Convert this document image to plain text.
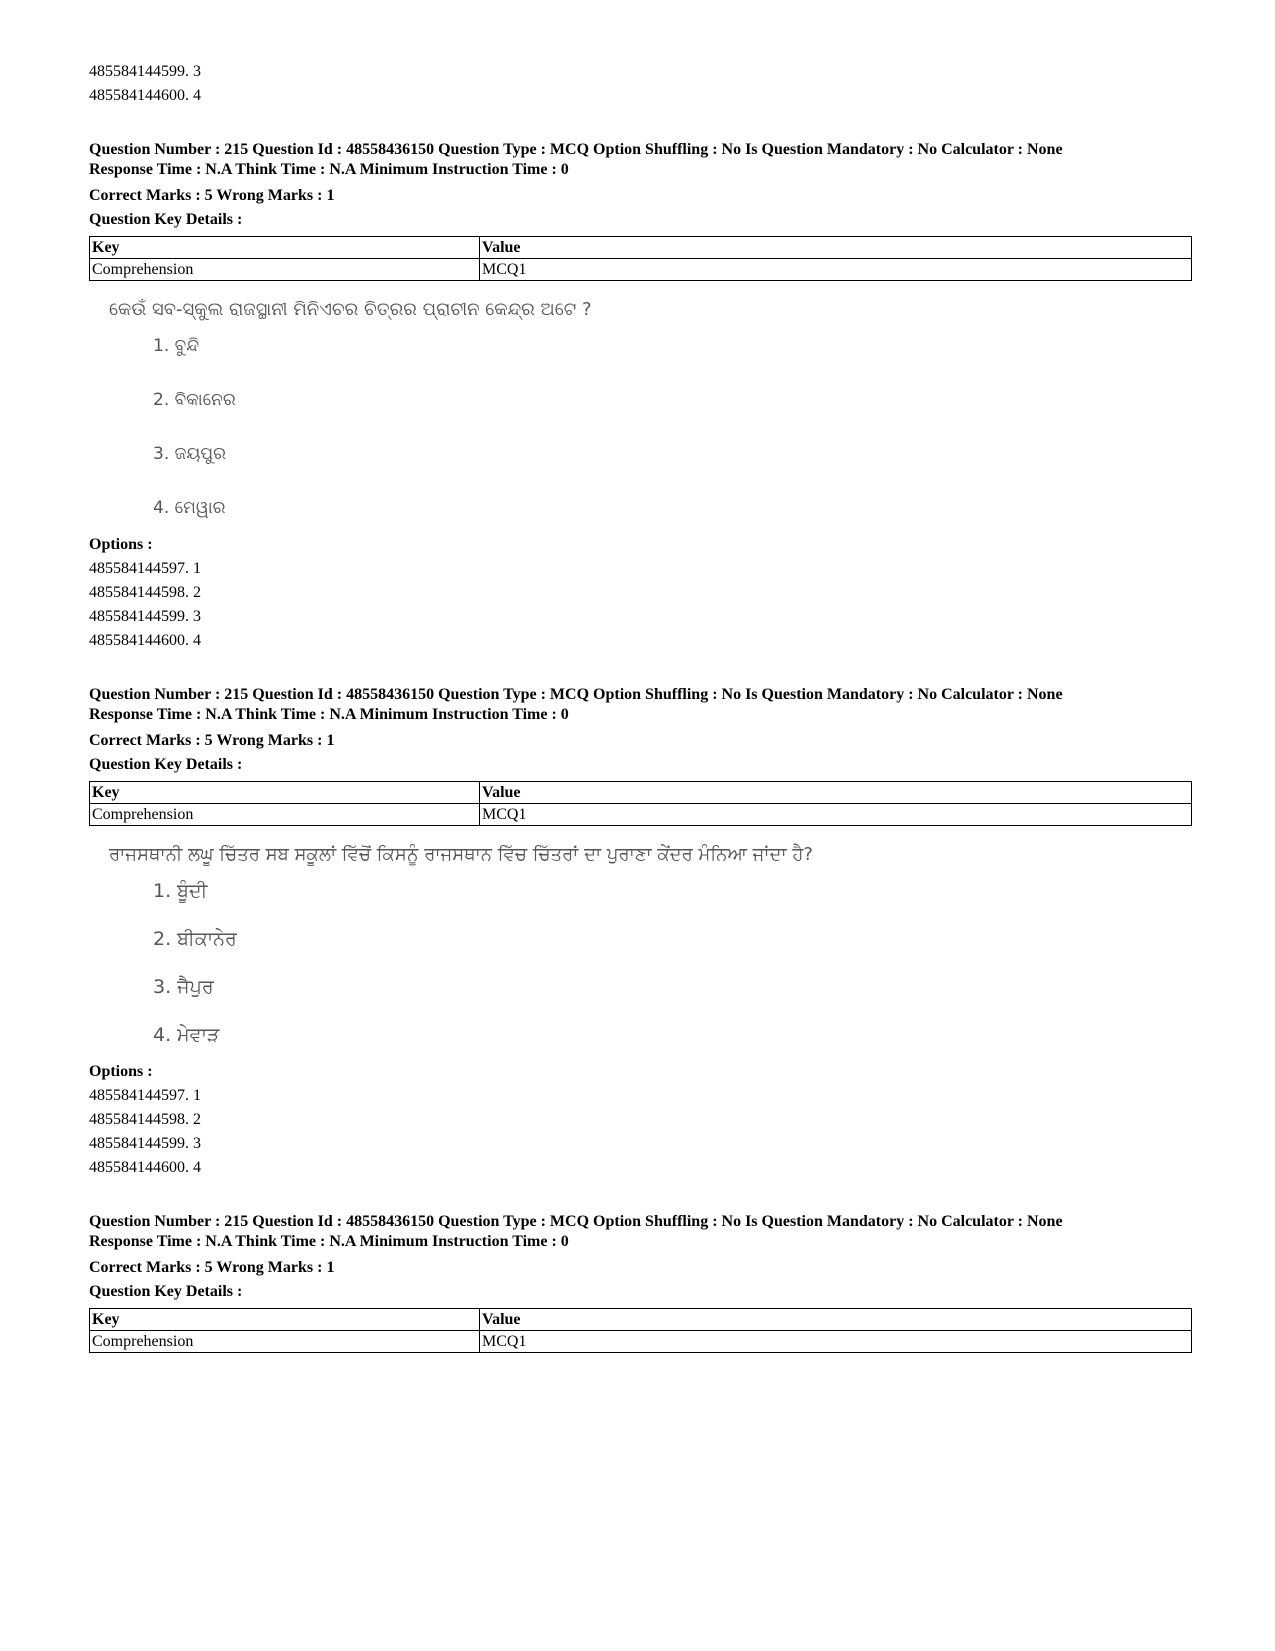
485584144599. 3
485584144600. 4
Question Number : 215 Question Id : 48558436150 Question Type : MCQ Option Shuffling : No Is Question Mandatory : No Calculator : None
Response Time : N.A Think Time : N.A Minimum Instruction Time : 0
Correct Marks : 5 Wrong Marks : 1
Question Key Details :
Key	Value
Comprehension	MCQ1
କେଉଁ ସବ-ସ୍କୁଲ ରାଜସ୍ଥାନୀ ମିନିଏଚର ଚିତ୍ରର ପ୍ରାଚୀନ କେନ୍ଦ୍ର ଅଟେ ?
1. ବୁନ୍ଦି
2. ବିକାନେର
3. ଜୟପୁର
4. ମେୱାର
Options :
485584144597. 1
485584144598. 2
485584144599. 3
485584144600. 4
Question Number : 215 Question Id : 48558436150 Question Type : MCQ Option Shuffling : No Is Question Mandatory : No Calculator : None
Response Time : N.A Think Time : N.A Minimum Instruction Time : 0
Correct Marks : 5 Wrong Marks : 1
Question Key Details :
Key	Value
Comprehension	MCQ1
ਰਾਜਸਥਾਨੀ ਲਘੂ ਚਿੱਤਰ ਸਬ ਸਕੂਲਾਂ ਵਿੱਚੋਂ ਕਿਸਨੂੰ ਰਾਜਸਥਾਨ ਵਿੱਚ ਚਿੱਤਰਾਂ ਦਾ ਪੁਰਾਣਾ ਕੇਂਦਰ ਮੰਨਿਆ ਜਾਂਦਾ ਹੈ?
1. ਬੂੰਦੀ
2. ਬੀਕਾਨੇਰ
3. ਜੈਪੁਰ
4. ਮੇਵਾੜ
Options :
485584144597. 1
485584144598. 2
485584144599. 3
485584144600. 4
Question Number : 215 Question Id : 48558436150 Question Type : MCQ Option Shuffling : No Is Question Mandatory : No Calculator : None
Response Time : N.A Think Time : N.A Minimum Instruction Time : 0
Correct Marks : 5 Wrong Marks : 1
Question Key Details :
Key	Value
Comprehension	MCQ1
